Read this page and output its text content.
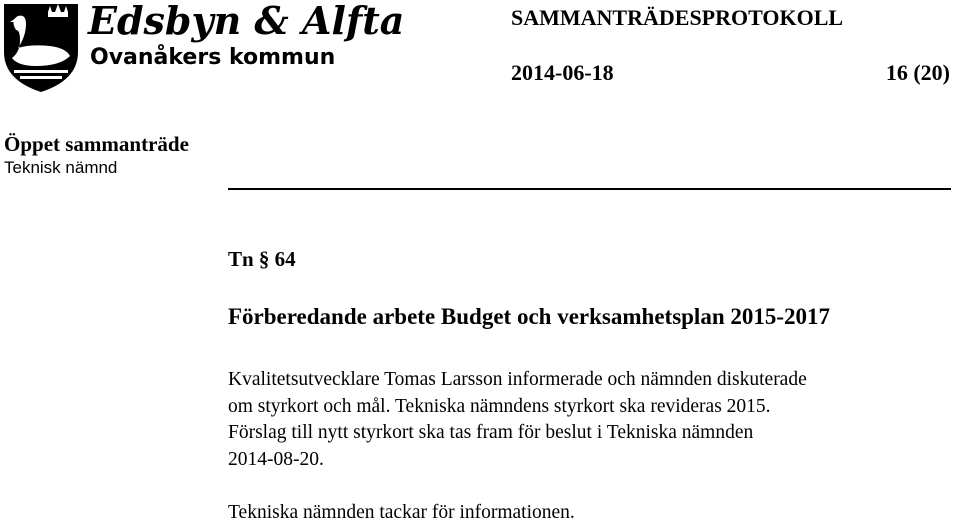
Edsbyn & Alfta
Ovanåkers kommun
SAMMANTRÄDESPROTOKOLL
2014-06-18	16 (20)
Öppet sammanträde
Teknisk nämnd
Tn § 64
Förberedande arbete Budget och verksamhetsplan 2015-2017
Kvalitetsutvecklare Tomas Larsson informerade och nämnden diskuterade
om styrkort och mål. Tekniska nämndens styrkort ska revideras 2015.
Förslag till nytt styrkort ska tas fram för beslut i Tekniska nämnden
2014-08-20.
Tekniska nämnden tackar för informationen.
